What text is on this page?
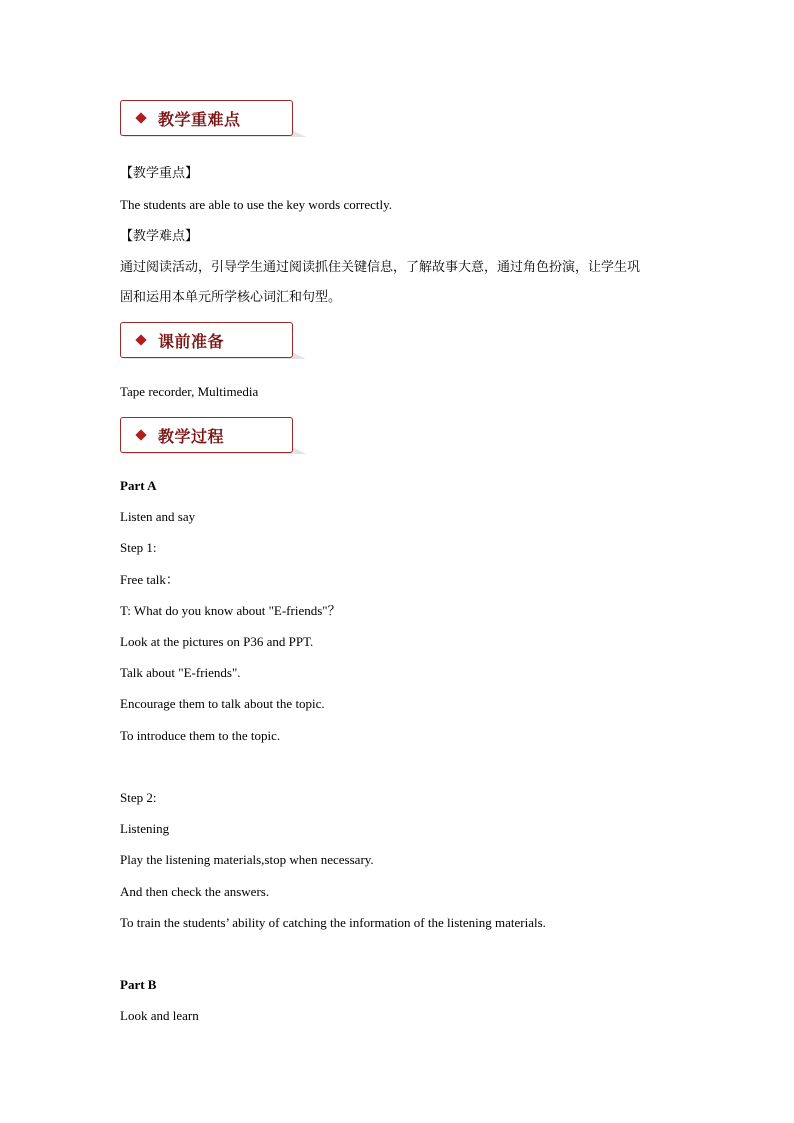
教学重难点
【教学重点】
The students are able to use the key words correctly.
【教学难点】
通过阅读活动，引导学生通过阅读抓住关键信息，了解故事大意，通过角色扮演，让学生巩
固和运用本单元所学核心词汇和句型。
课前准备
Tape recorder, Multimedia
教学过程
Part A
Listen and say
Step 1:
Free talk：
T: What do you know about "E-friends"？
Look at the pictures on P36 and PPT.
Talk about "E-friends".
Encourage them to talk about the topic.
To introduce them to the topic.
Step 2:
Listening
Play the listening materials,stop when necessary.
And then check the answers.
To train the students’ ability of catching the information of the listening materials.
Part B
Look and learn
